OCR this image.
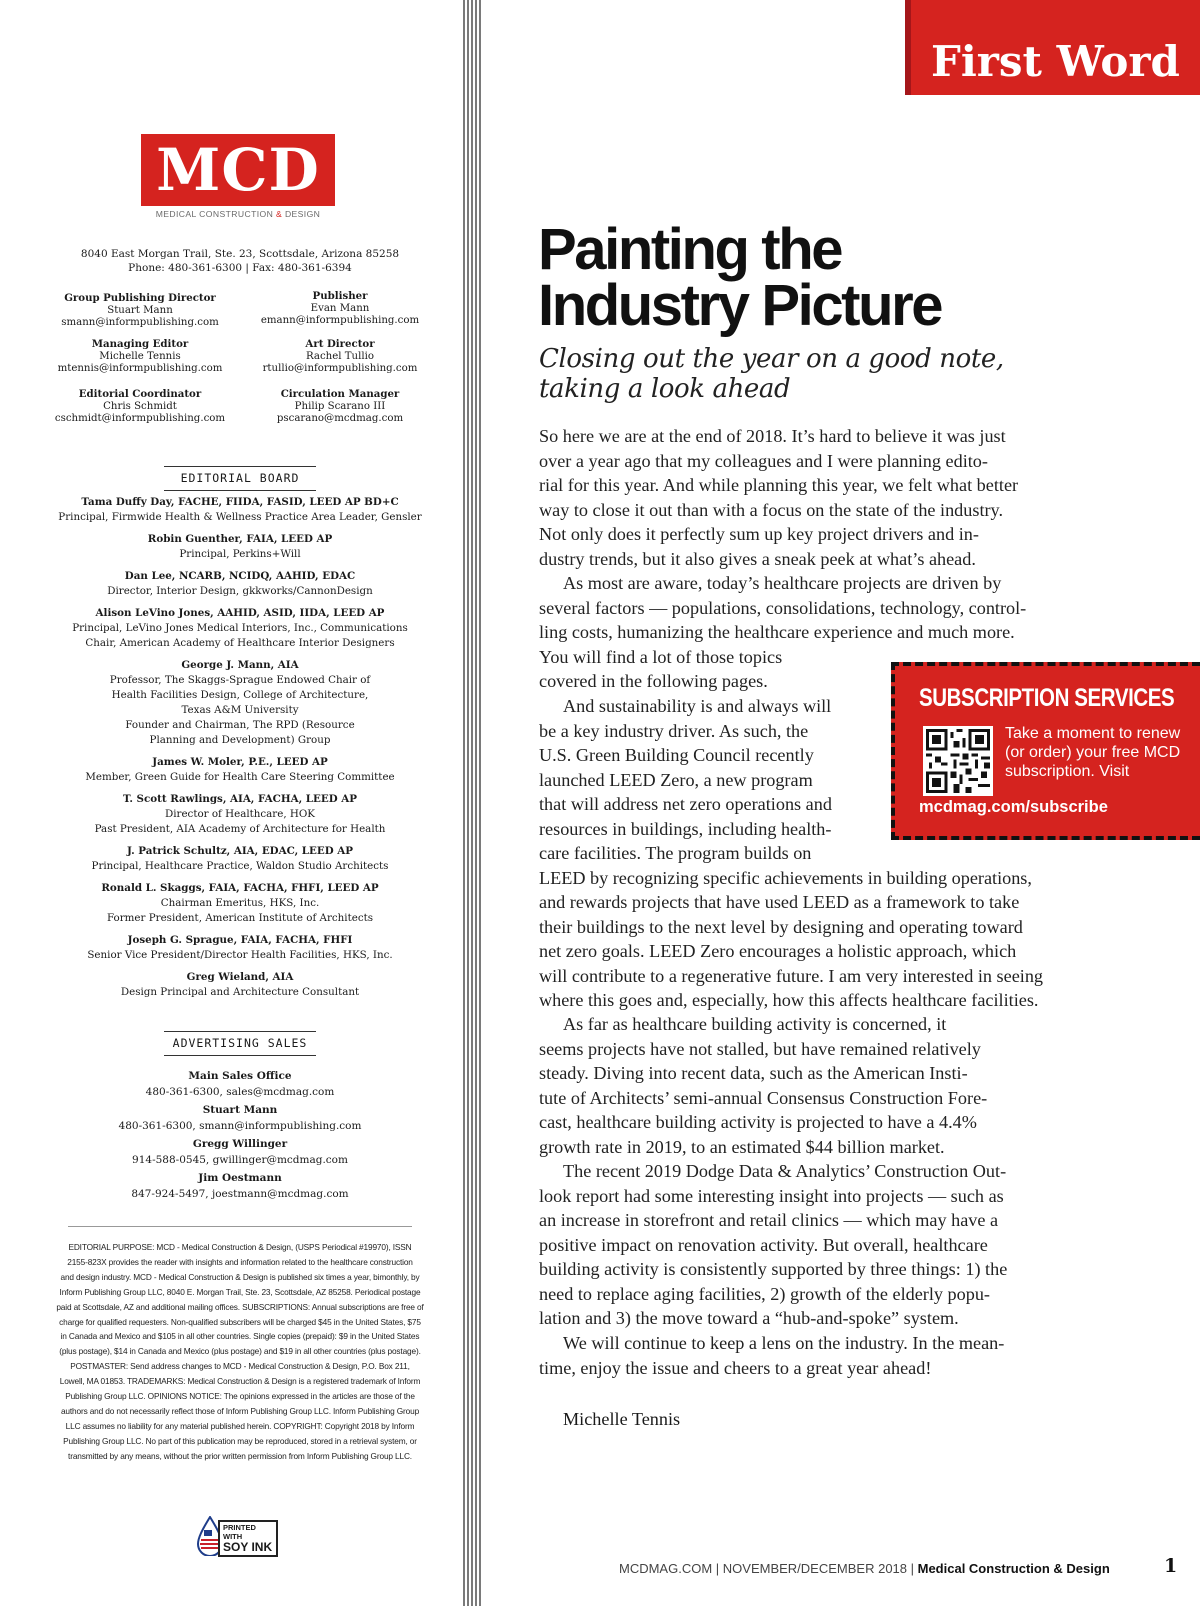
MCD
MEDICAL CONSTRUCTION & DESIGN
8040 East Morgan Trail, Ste. 23, Scottsdale, Arizona 85258
Phone: 480-361-6300 | Fax: 480-361-6394
Group Publishing Director
Stuart Mann
smann@informpublishing.com
Publisher
Evan Mann
emann@informpublishing.com
Managing Editor
Michelle Tennis
mtennis@informpublishing.com
Art Director
Rachel Tullio
rtullio@informpublishing.com
Editorial Coordinator
Chris Schmidt
cschmidt@informpublishing.com
Circulation Manager
Philip Scarano III
pscarano@mcdmag.com
EDITORIAL BOARD
Tama Duffy Day, FACHE, FIIDA, FASID, LEED AP BD+C
Principal, Firmwide Health & Wellness Practice Area Leader, Gensler
Robin Guenther, FAIA, LEED AP
Principal, Perkins+Will
Dan Lee, NCARB, NCIDQ, AAHID, EDAC
Director, Interior Design, gkkworks/CannonDesign
Alison LeVino Jones, AAHID, ASID, IIDA, LEED AP
Principal, LeVino Jones Medical Interiors, Inc., Communications
Chair, American Academy of Healthcare Interior Designers
George J. Mann, AIA
Professor, The Skaggs-Sprague Endowed Chair of
Health Facilities Design, College of Architecture,
Texas A&M University
Founder and Chairman, The RPD (Resource
Planning and Development) Group
James W. Moler, P.E., LEED AP
Member, Green Guide for Health Care Steering Committee
T. Scott Rawlings, AIA, FACHA, LEED AP
Director of Healthcare, HOK
Past President, AIA Academy of Architecture for Health
J. Patrick Schultz, AIA, EDAC, LEED AP
Principal, Healthcare Practice, Waldon Studio Architects
Ronald L. Skaggs, FAIA, FACHA, FHFI, LEED AP
Chairman Emeritus, HKS, Inc.
Former President, American Institute of Architects
Joseph G. Sprague, FAIA, FACHA, FHFI
Senior Vice President/Director Health Facilities, HKS, Inc.
Greg Wieland, AIA
Design Principal and Architecture Consultant
ADVERTISING SALES
Main Sales Office
480-361-6300, sales@mcdmag.com
Stuart Mann
480-361-6300, smann@informpublishing.com
Gregg Willinger
914-588-0545, gwillinger@mcdmag.com
Jim Oestmann
847-924-5497, joestmann@mcdmag.com
EDITORIAL PURPOSE: MCD - Medical Construction & Design, (USPS Periodical #19970), ISSN
2155-823X provides the reader with insights and information related to the healthcare construction
and design industry. MCD - Medical Construction & Design is published six times a year, bimonthly, by
Inform Publishing Group LLC, 8040 E. Morgan Trail, Ste. 23, Scottsdale, AZ 85258. Periodical postage
paid at Scottsdale, AZ and additional mailing offices. SUBSCRIPTIONS: Annual subscriptions are free of
charge for qualified requesters. Non-qualified subscribers will be charged $45 in the United States, $75
in Canada and Mexico and $105 in all other countries. Single copies (prepaid): $9 in the United States
(plus postage), $14 in Canada and Mexico (plus postage) and $19 in all other countries (plus postage).
POSTMASTER: Send address changes to MCD - Medical Construction & Design, P.O. Box 211,
Lowell, MA 01853. TRADEMARKS: Medical Construction & Design is a registered trademark of Inform
Publishing Group LLC. OPINIONS NOTICE: The opinions expressed in the articles are those of the
authors and do not necessarily reflect those of Inform Publishing Group LLC. Inform Publishing Group
LLC assumes no liability for any material published herein. COPYRIGHT: Copyright 2018 by Inform
Publishing Group LLC. No part of this publication may be reproduced, stored in a retrieval system, or
transmitted by any means, without the prior written permission from Inform Publishing Group LLC.
PRINTED WITH
SOY INK
First Word
Painting the
Industry Picture
Closing out the year on a good note,
taking a look ahead
So here we are at the end of 2018. It’s hard to believe it was just
over a year ago that my colleagues and I were planning edito-
rial for this year. And while planning this year, we felt what better
way to close it out than with a focus on the state of the industry.
Not only does it perfectly sum up key project drivers and in-
dustry trends, but it also gives a sneak peek at what’s ahead.
As most are aware, today’s healthcare projects are driven by
several factors — populations, consolidations, technology, control-
ling costs, humanizing the healthcare experience and much more.
You will find a lot of those topics
covered in the following pages.
And sustainability is and always will
be a key industry driver. As such, the
U.S. Green Building Council recently
launched LEED Zero, a new program
that will address net zero operations and
resources in buildings, including health-
care facilities. The program builds on
LEED by recognizing specific achievements in building operations,
and rewards projects that have used LEED as a framework to take
their buildings to the next level by designing and operating toward
net zero goals. LEED Zero encourages a holistic approach, which
will contribute to a regenerative future. I am very interested in seeing
where this goes and, especially, how this affects healthcare facilities.
As far as healthcare building activity is concerned, it
seems projects have not stalled, but have remained relatively
steady. Diving into recent data, such as the American Insti-
tute of Architects’ semi-annual Consensus Construction Fore-
cast, healthcare building activity is projected to have a 4.4%
growth rate in 2019, to an estimated $44 billion market.
The recent 2019 Dodge Data & Analytics’ Construction Out-
look report had some interesting insight into projects — such as
an increase in storefront and retail clinics — which may have a
positive impact on renovation activity. But overall, healthcare
building activity is consistently supported by three things: 1) the
need to replace aging facilities, 2) growth of the elderly popu-
lation and 3) the move toward a “hub-and-spoke” system.
We will continue to keep a lens on the industry. In the mean-
time, enjoy the issue and cheers to a great year ahead!
Michelle Tennis
SUBSCRIPTION SERVICES
Take a moment to renew (or order) your free MCD subscription. Visit
mcdmag.com/subscribe
MCDMAG.COM | NOVEMBER/DECEMBER 2018 | Medical Construction & Design	1
